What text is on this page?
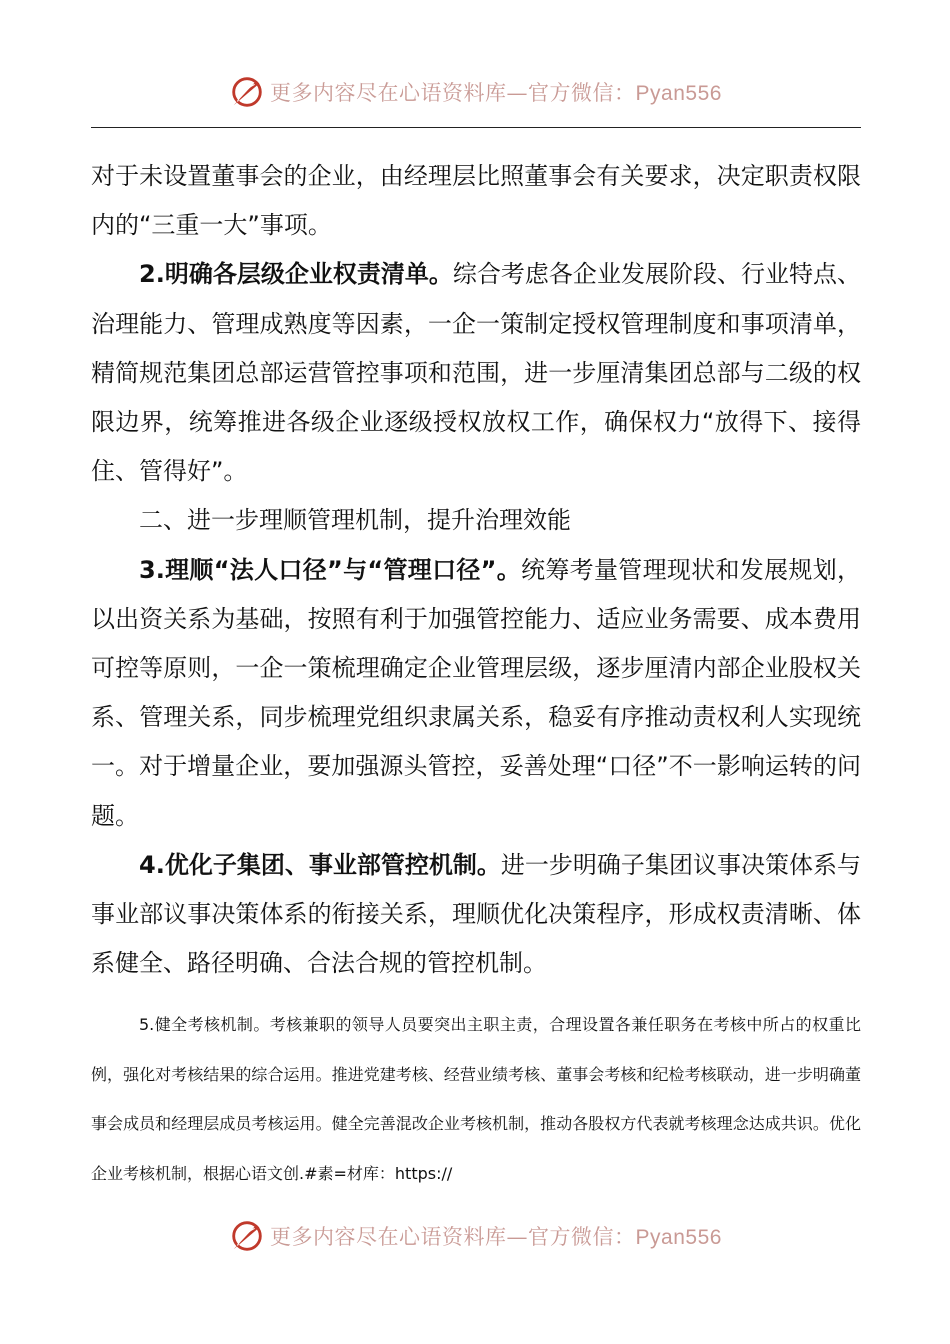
更多内容尽在心语资料库—官方微信：Pyan556

对于未设置董事会的企业，由经理层比照董事会有关要求，决定职责权限内的“三重一大”事项。

2.明确各层级企业权责清单。综合考虑各企业发展阶段、行业特点、治理能力、管理成熟度等因素，一企一策制定授权管理制度和事项清单，精简规范集团总部运营管控事项和范围，进一步厘清集团总部与二级的权限边界，统筹推进各级企业逐级授权放权工作，确保权力“放得下、接得住、管得好”。

二、进一步理顺管理机制，提升治理效能

3.理顺“法人口径”与“管理口径”。统筹考量管理现状和发展规划，以出资关系为基础，按照有利于加强管控能力、适应业务需要、成本费用可控等原则，一企一策梳理确定企业管理层级，逐步厘清内部企业股权关系、管理关系，同步梳理党组织隶属关系，稳妥有序推动责权利人实现统一。对于增量企业，要加强源头管控，妥善处理“口径”不一影响运转的问题。

4.优化子集团、事业部管控机制。进一步明确子集团议事决策体系与事业部议事决策体系的衔接关系，理顺优化决策程序，形成权责清晰、体系健全、路径明确、合法合规的管控机制。

5.健全考核机制。考核兼职的领导人员要突出主职主责，合理设置各兼任职务在考核中所占的权重比例，强化对考核结果的综合运用。推进党建考核、经营业绩考核、董事会考核和纪检考核联动，进一步明确董事会成员和经理层成员考核运用。健全完善混改企业考核机制，推动各股权方代表就考核理念达成共识。优化企业考核机制，根据心语文创.#素=材库：https://
更多内容尽在心语资料库—官方微信：Pyan556
